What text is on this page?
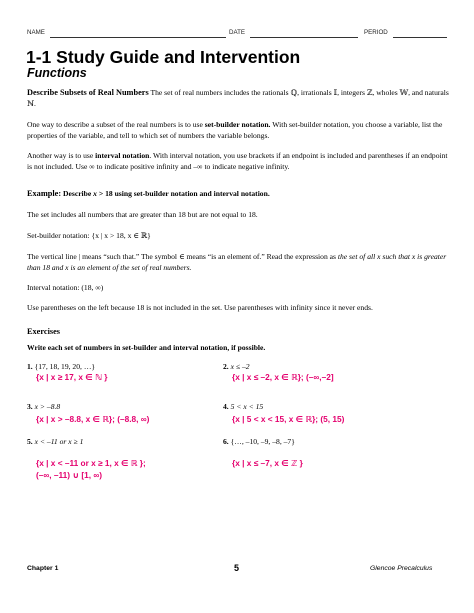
NAME	DATE	PERIOD
1-1 Study Guide and Intervention
Functions
Describe Subsets of Real Numbers The set of real numbers includes the rationals ℚ, irrationals 𝕀, integers ℤ, wholes 𝕎, and naturals ℕ.
One way to describe a subset of the real numbers is to use set-builder notation. With set-builder notation, you choose a variable, list the properties of the variable, and tell to which set of numbers the variable belongs.
Another way is to use interval notation. With interval notation, you use brackets if an endpoint is included and parentheses if an endpoint is not included. Use ∞ to indicate positive infinity and –∞ to indicate negative infinity.
Example: Describe x > 18 using set-builder notation and interval notation.
The set includes all numbers that are greater than 18 but are not equal to 18.
Set-builder notation: {x | x > 18, x ∈ ℝ}
The vertical line | means “such that.” The symbol ∈ means “is an element of.” Read the expression as the set of all x such that x is greater than 18 and x is an element of the set of real numbers.
Interval notation: (18, ∞)
Use parentheses on the left because 18 is not included in the set. Use parentheses with infinity since it never ends.
Exercises
Write each set of numbers in set-builder and interval notation, if possible.
1. {17, 18, 19, 20, …}
{x | x ≥ 17, x ∈ ℕ }
2. x ≤ –2
{x | x ≤ –2, x ∈ ℝ}; (–∞,–2]
3. x > –8.8
{x | x > –8.8, x ∈ ℝ}; (–8.8, ∞)
4. 5 < x < 15
{x | 5 < x < 15, x ∈ ℝ}; (5, 15)
5. x < –11 or x ≥ 1
{x | x < –11 or x ≥ 1, x ∈ ℝ };
(–∞, –11) ∪ [1, ∞)
6. {…, –10, –9, –8, –7}
{x | x ≤ –7, x ∈ ℤ }
Chapter 1	5	Glencoe Precalculus
